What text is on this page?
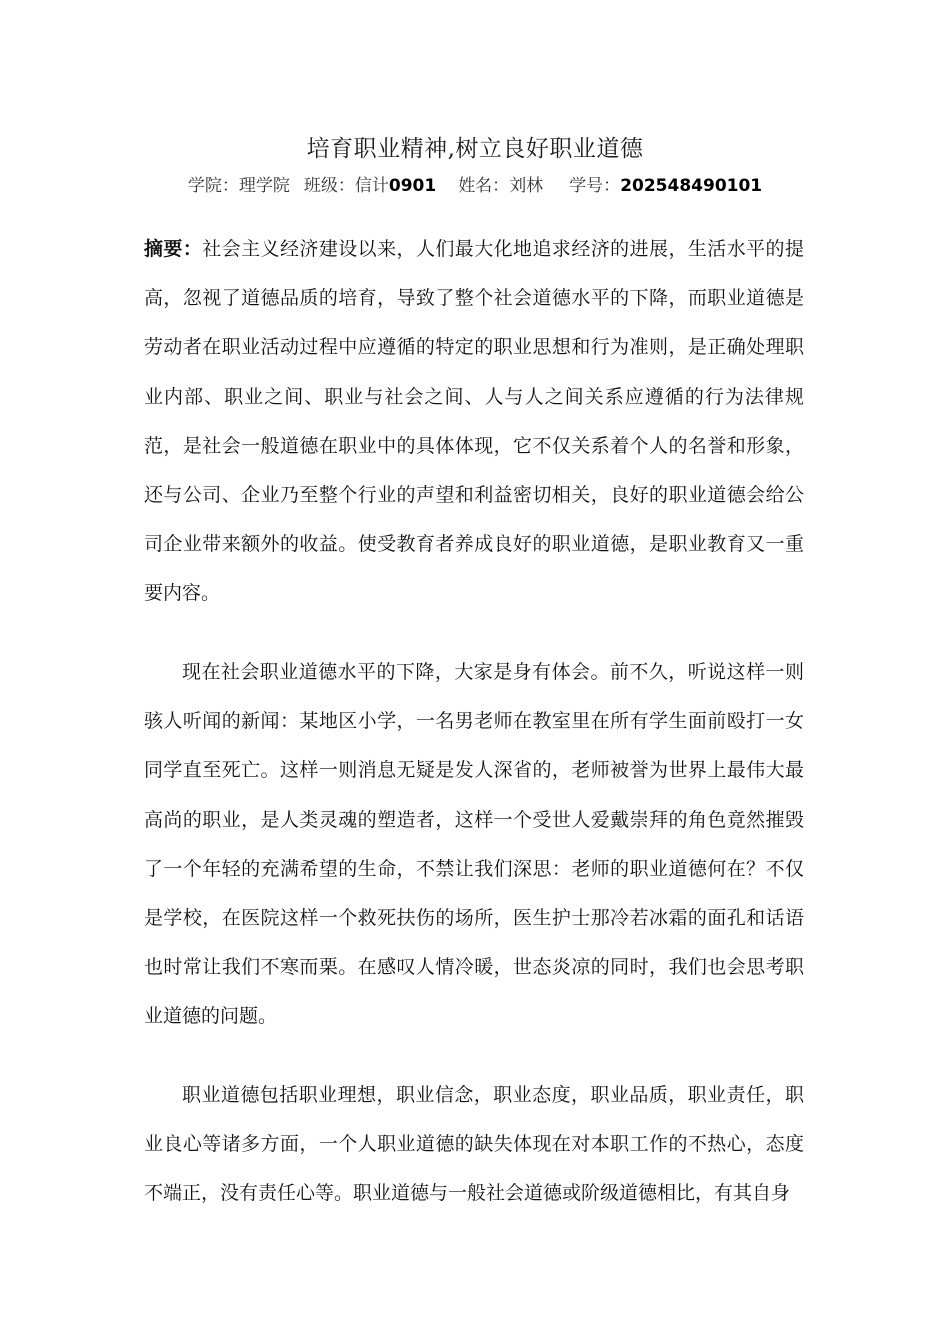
培育职业精神,树立良好职业道德
学院：理学院 班级：信计0901 姓名：刘林 学号：202548490101
摘要：社会主义经济建设以来，人们最大化地追求经济的进展，生活水平的提高，忽视了道德品质的培育，导致了整个社会道德水平的下降，而职业道德是劳动者在职业活动过程中应遵循的特定的职业思想和行为准则，是正确处理职业内部、职业之间、职业与社会之间、人与人之间关系应遵循的行为法律规范，是社会一般道德在职业中的具体体现，它不仅关系着个人的名誉和形象，还与公司、企业乃至整个行业的声望和利益密切相关，良好的职业道德会给公司企业带来额外的收益。使受教育者养成良好的职业道德，是职业教育又一重要内容。
现在社会职业道德水平的下降，大家是身有体会。前不久，听说这样一则骇人听闻的新闻：某地区小学，一名男老师在教室里在所有学生面前殴打一女同学直至死亡。这样一则消息无疑是发人深省的，老师被誉为世界上最伟大最高尚的职业，是人类灵魂的塑造者，这样一个受世人爱戴崇拜的角色竟然摧毁了一个年轻的充满希望的生命，不禁让我们深思：老师的职业道德何在？不仅是学校，在医院这样一个救死扶伤的场所，医生护士那冷若冰霜的面孔和话语也时常让我们不寒而栗。在感叹人情冷暖，世态炎凉的同时，我们也会思考职业道德的问题。
职业道德包括职业理想，职业信念，职业态度，职业品质，职业责任，职业良心等诸多方面，一个人职业道德的缺失体现在对本职工作的不热心，态度不端正，没有责任心等。职业道德与一般社会道德或阶级道德相比，有其自身
